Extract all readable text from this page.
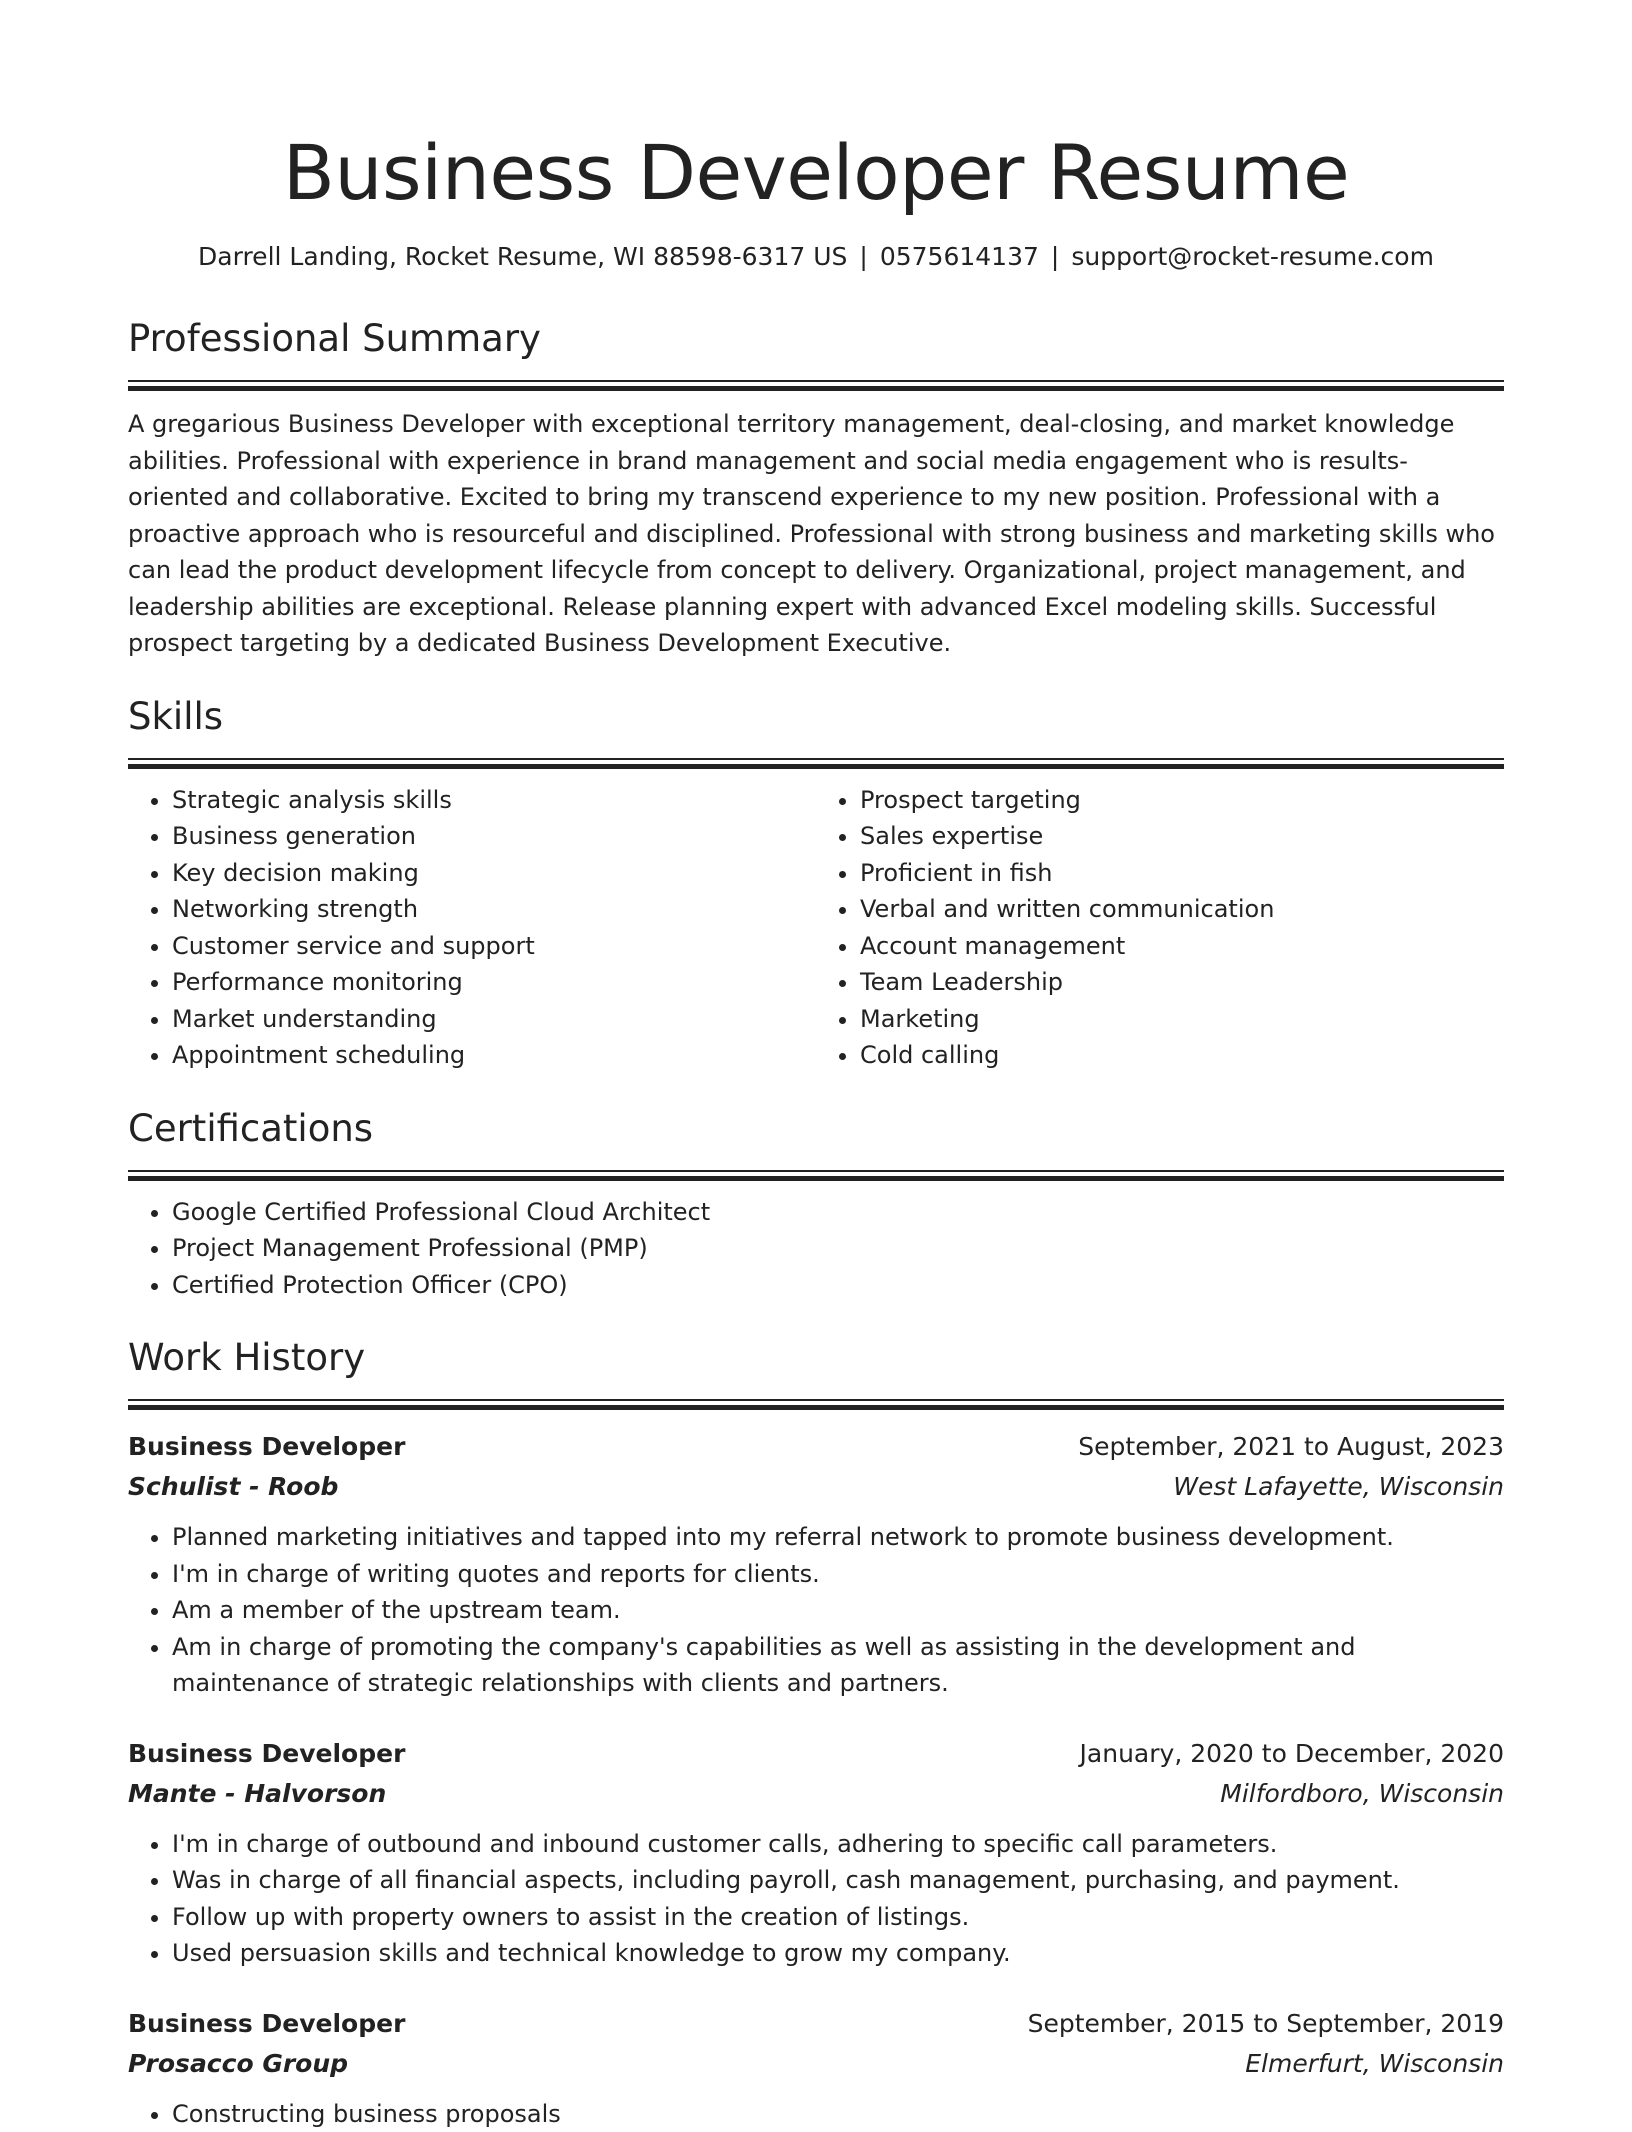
Business Developer Resume
Darrell Landing, Rocket Resume, WI 88598-6317 US | 0575614137 | support@rocket-resume.com
Professional Summary

A gregarious Business Developer with exceptional territory management, deal-closing, and market knowledge abilities. Professional with experience in brand management and social media engagement who is results-oriented and collaborative. Excited to bring my transcend experience to my new position. Professional with a proactive approach who is resourceful and disciplined. Professional with strong business and marketing skills who can lead the product development lifecycle from concept to delivery. Organizational, project management, and leadership abilities are exceptional. Release planning expert with advanced Excel modeling skills. Successful prospect targeting by a dedicated Business Development Executive.

Skills
• Strategic analysis skills
• Business generation
• Key decision making
• Networking strength
• Customer service and support
• Performance monitoring
• Market understanding
• Appointment scheduling
• Prospect targeting
• Sales expertise
• Proficient in fish
• Verbal and written communication
• Account management
• Team Leadership
• Marketing
• Cold calling
Certifications
• Google Certified Professional Cloud Architect
• Project Management Professional (PMP)
• Certified Protection Officer (CPO)
Work History
Business Developer	September, 2021 to August, 2023
Schulist - Roob	West Lafayette, Wisconsin
• Planned marketing initiatives and tapped into my referral network to promote business development.
• I'm in charge of writing quotes and reports for clients.
• Am a member of the upstream team.
• Am in charge of promoting the company's capabilities as well as assisting in the development and maintenance of strategic relationships with clients and partners.
Business Developer	January, 2020 to December, 2020
Mante - Halvorson	Milfordboro, Wisconsin
• I'm in charge of outbound and inbound customer calls, adhering to specific call parameters.
• Was in charge of all financial aspects, including payroll, cash management, purchasing, and payment.
• Follow up with property owners to assist in the creation of listings.
• Used persuasion skills and technical knowledge to grow my company.
Business Developer	September, 2015 to September, 2019
Prosacco Group	Elmerfurt, Wisconsin
• Constructing business proposals
